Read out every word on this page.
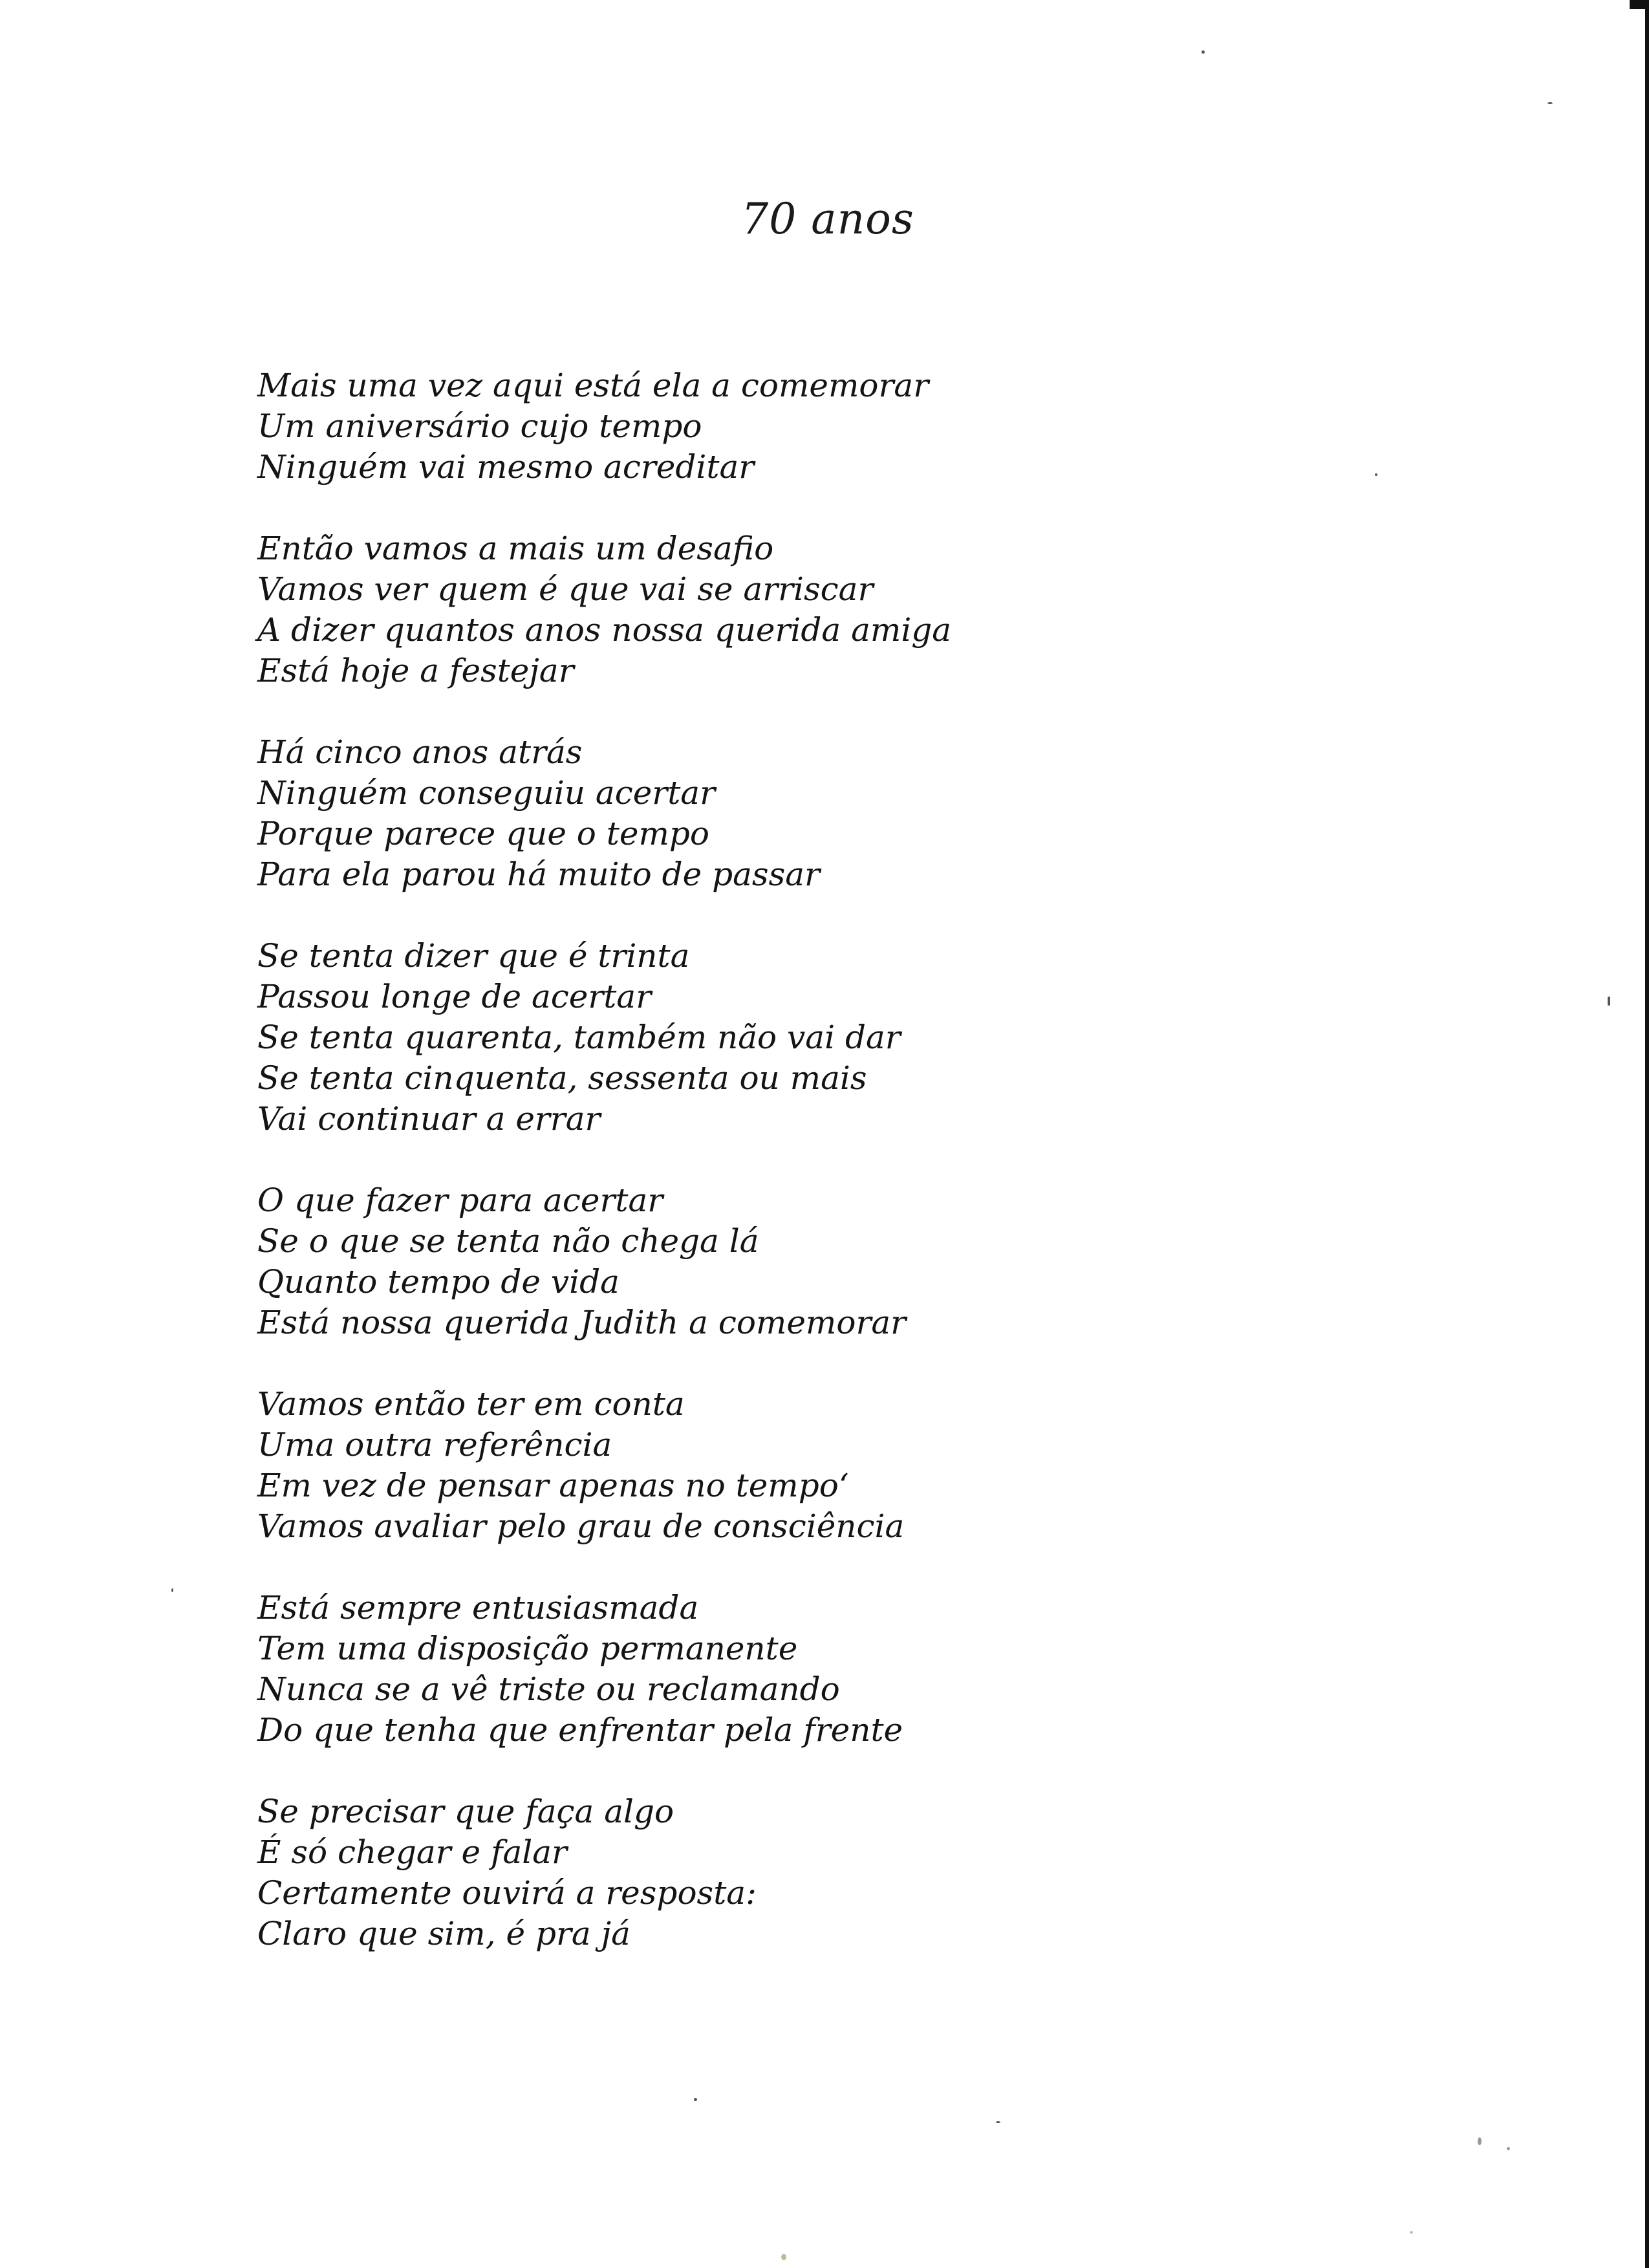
70 anos
Mais uma vez aqui está ela a comemorar
Um aniversário cujo tempo
Ninguém vai mesmo acreditar
Então vamos a mais um desafio
Vamos ver quem é que vai se arriscar
A dizer quantos anos nossa querida amiga
Está hoje a festejar
Há cinco anos atrás
Ninguém conseguiu acertar
Porque parece que o tempo
Para ela parou há muito de passar
Se tenta dizer que é trinta
Passou longe de acertar
Se tenta quarenta, também não vai dar
Se tenta cinquenta, sessenta ou mais
Vai continuar a errar
O que fazer para acertar
Se o que se tenta não chega lá
Quanto tempo de vida
Está nossa querida Judith a comemorar
Vamos então ter em conta
Uma outra referência
Em vez de pensar apenas no tempo‘
Vamos avaliar pelo grau de consciência
Está sempre entusiasmada
Tem uma disposição permanente
Nunca se a vê triste ou reclamando
Do que tenha que enfrentar pela frente
Se precisar que faça algo
É só chegar e falar
Certamente ouvirá a resposta:
Claro que sim, é pra já
